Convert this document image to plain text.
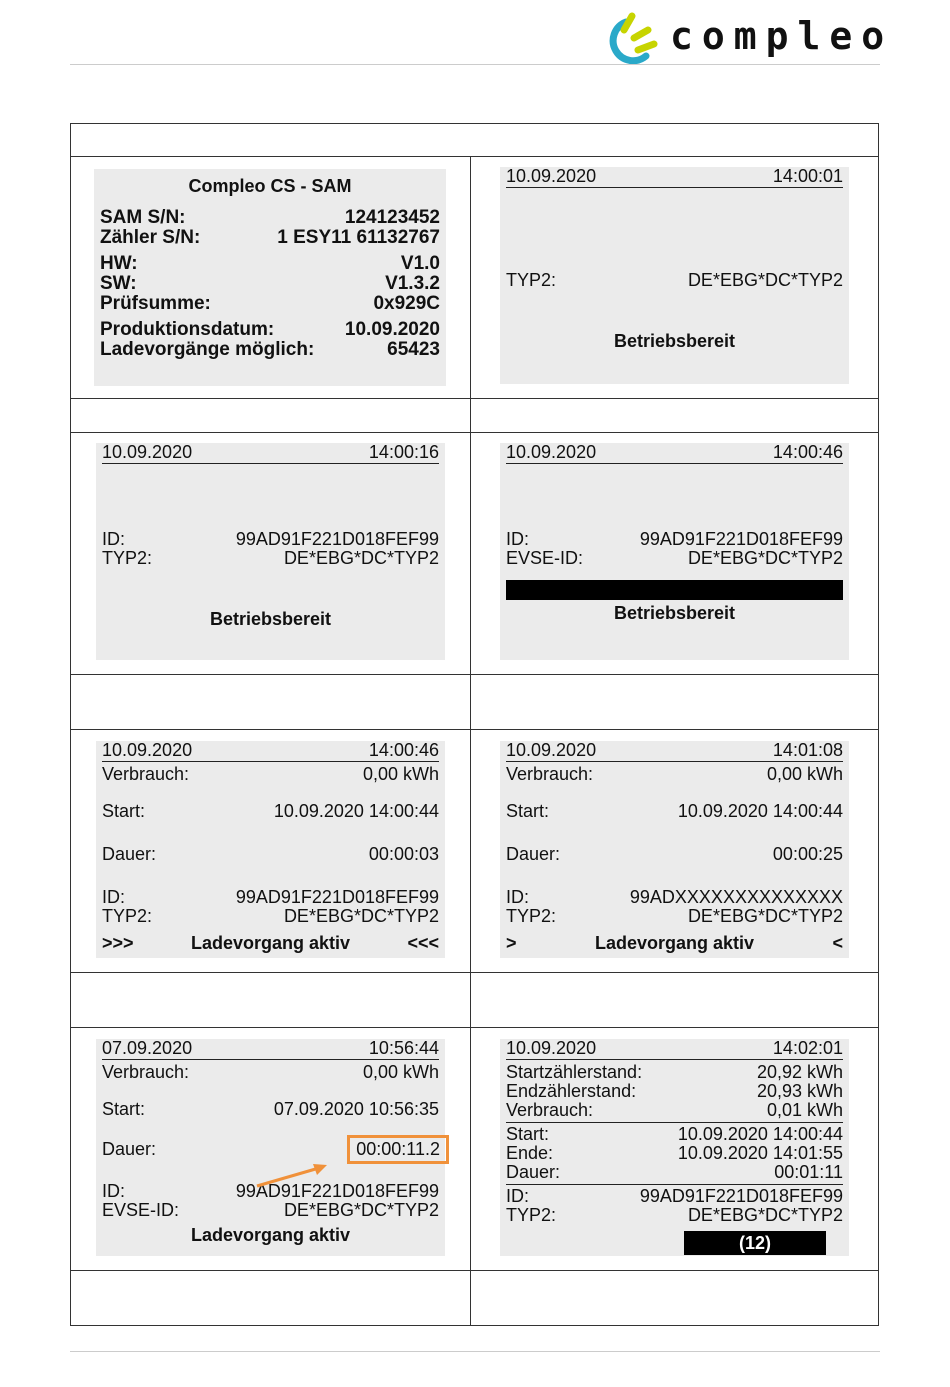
compleo
Compleo CS - SAM
SAM S/N:	124123452
Zähler S/N:	1 ESY11 61132767
HW:	V1.0
SW:	V1.3.2
Prüfsumme:	0x929C
Produktionsdatum:	10.09.2020
Ladevorgänge möglich:	65423
10.09.2020	14:00:01
TYP2:	DE*EBG*DC*TYP2
Betriebsbereit
10.09.2020	14:00:16
ID:	99AD91F221D018FEF99
TYP2:	DE*EBG*DC*TYP2
Betriebsbereit
10.09.2020	14:00:46
ID:	99AD91F221D018FEF99
EVSE-ID:	DE*EBG*DC*TYP2
Betriebsbereit
10.09.2020	14:00:46
Verbrauch:	0,00 kWh
Start:	10.09.2020 14:00:44
Dauer:	00:00:03
ID:	99AD91F221D018FEF99
TYP2:	DE*EBG*DC*TYP2
>>>	Ladevorgang aktiv	<<<
10.09.2020	14:01:08
Verbrauch:	0,00 kWh
Start:	10.09.2020 14:00:44
Dauer:	00:00:25
ID:	99ADXXXXXXXXXXXXXX
TYP2:	DE*EBG*DC*TYP2
>	Ladevorgang aktiv	<
07.09.2020	10:56:44
Verbrauch:	0,00 kWh
Start:	07.09.2020 10:56:35
Dauer:	00:00:11.2
ID:	99AD91F221D018FEF99
EVSE-ID:	DE*EBG*DC*TYP2
Ladevorgang aktiv
10.09.2020	14:02:01
Startzählerstand:	20,92 kWh
Endzählerstand:	20,93 kWh
Verbrauch:	0,01 kWh
Start:	10.09.2020 14:00:44
Ende:	10.09.2020 14:01:55
Dauer:	00:01:11
ID:	99AD91F221D018FEF99
TYP2:	DE*EBG*DC*TYP2
(12)
